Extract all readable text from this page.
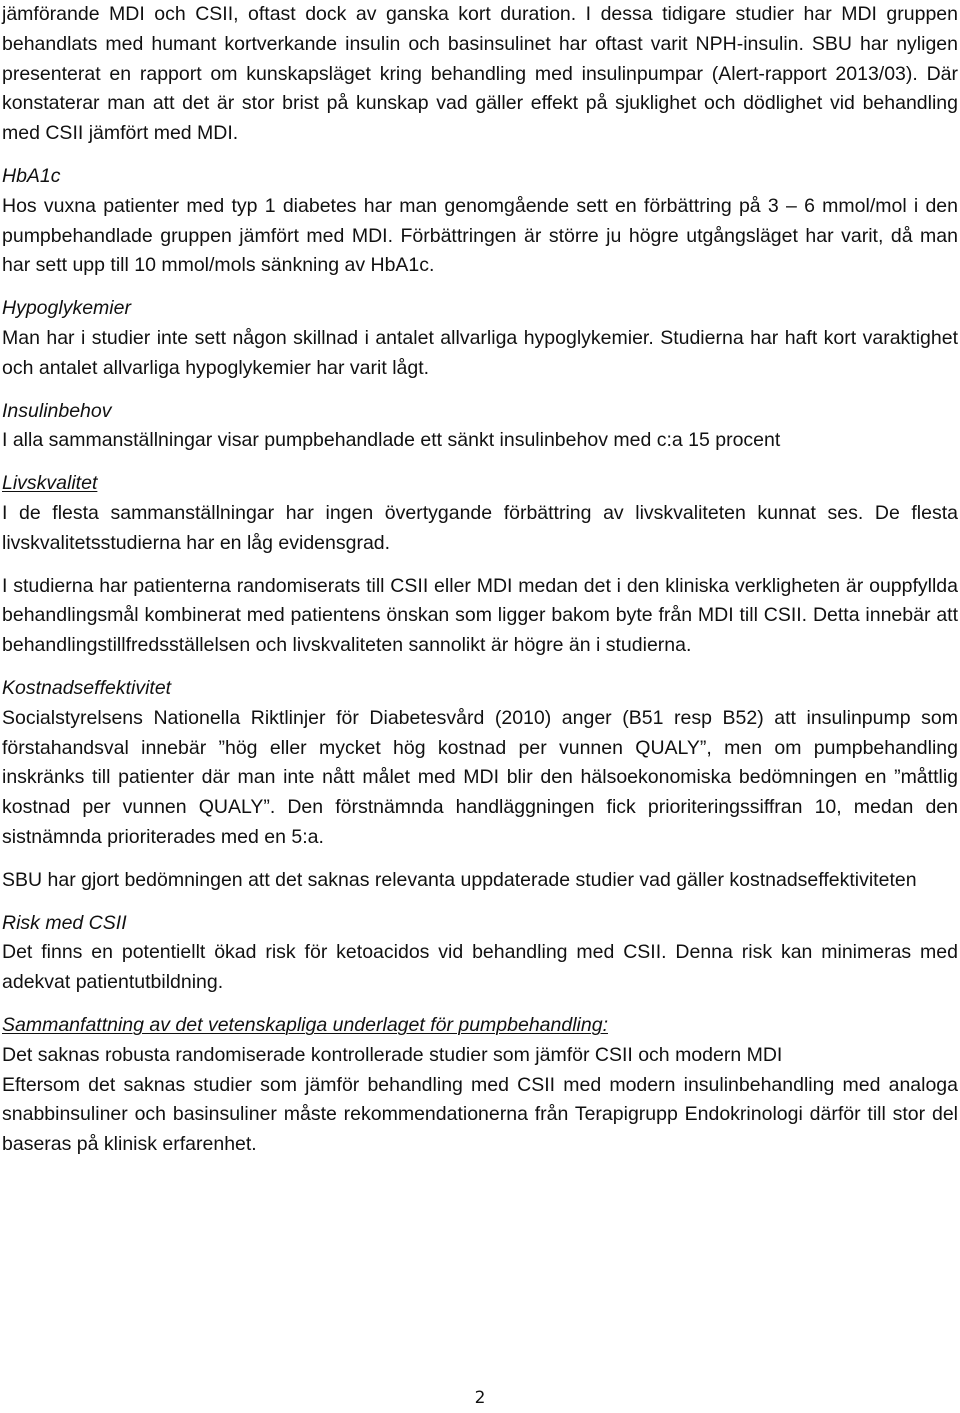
jämförande MDI och CSII, oftast dock av ganska kort duration. I dessa tidigare studier har MDI gruppen behandlats med humant kortverkande insulin och basinsulinet har oftast varit NPH-insulin. SBU har nyligen presenterat en rapport om kunskapsläget kring behandling med insulinpumpar (Alert-rapport 2013/03). Där konstaterar man att det är stor brist på kunskap vad gäller effekt på sjuklighet och dödlighet vid behandling med CSII jämfört med MDI.

HbA1c

Hos vuxna patienter med typ 1 diabetes har man genomgående sett en förbättring på 3 – 6 mmol/mol i den pumpbehandlade gruppen jämfört med MDI. Förbättringen är större ju högre utgångsläget har varit, då man har sett upp till 10 mmol/mols sänkning av HbA1c.

Hypoglykemier

Man har i studier inte sett någon skillnad i antalet allvarliga hypoglykemier. Studierna har haft kort varaktighet och antalet allvarliga hypoglykemier har varit lågt.

Insulinbehov

I alla sammanställningar visar pumpbehandlade ett sänkt insulinbehov med c:a 15 procent

Livskvalitet

I de flesta sammanställningar har ingen övertygande förbättring av livskvaliteten kunnat ses. De flesta livskvalitetsstudierna har en låg evidensgrad.

I studierna har patienterna randomiserats till CSII eller MDI medan det i den kliniska verkligheten är ouppfyllda behandlingsmål kombinerat med patientens önskan som ligger bakom byte från MDI till CSII. Detta innebär att behandlingstillfredsställelsen och livskvaliteten sannolikt är högre än i studierna.

Kostnadseffektivitet

Socialstyrelsens Nationella Riktlinjer för Diabetesvård (2010) anger (B51 resp B52) att insulinpump som förstahandsval innebär ”hög eller mycket hög kostnad per vunnen QUALY”, men om pumpbehandling inskränks till patienter där man inte nått målet med MDI blir den hälsoekonomiska bedömningen en ”måttlig kostnad per vunnen QUALY”. Den förstnämnda handläggningen fick prioriteringssiffran 10, medan den sistnämnda prioriterades med en 5:a.

SBU har gjort bedömningen att det saknas relevanta uppdaterade studier vad gäller kostnadseffektiviteten

Risk med CSII

Det finns en potentiellt ökad risk för ketoacidos vid behandling med CSII. Denna risk kan minimeras med adekvat patientutbildning.

Sammanfattning av det vetenskapliga underlaget för pumpbehandling:

Det saknas robusta randomiserade kontrollerade studier som jämför CSII och modern MDI

Eftersom det saknas studier som jämför behandling med CSII med modern insulinbehandling med analoga snabbinsuliner och basinsuliner måste rekommendationerna från Terapigrupp Endokrinologi därför till stor del baseras på klinisk erfarenhet.

2
